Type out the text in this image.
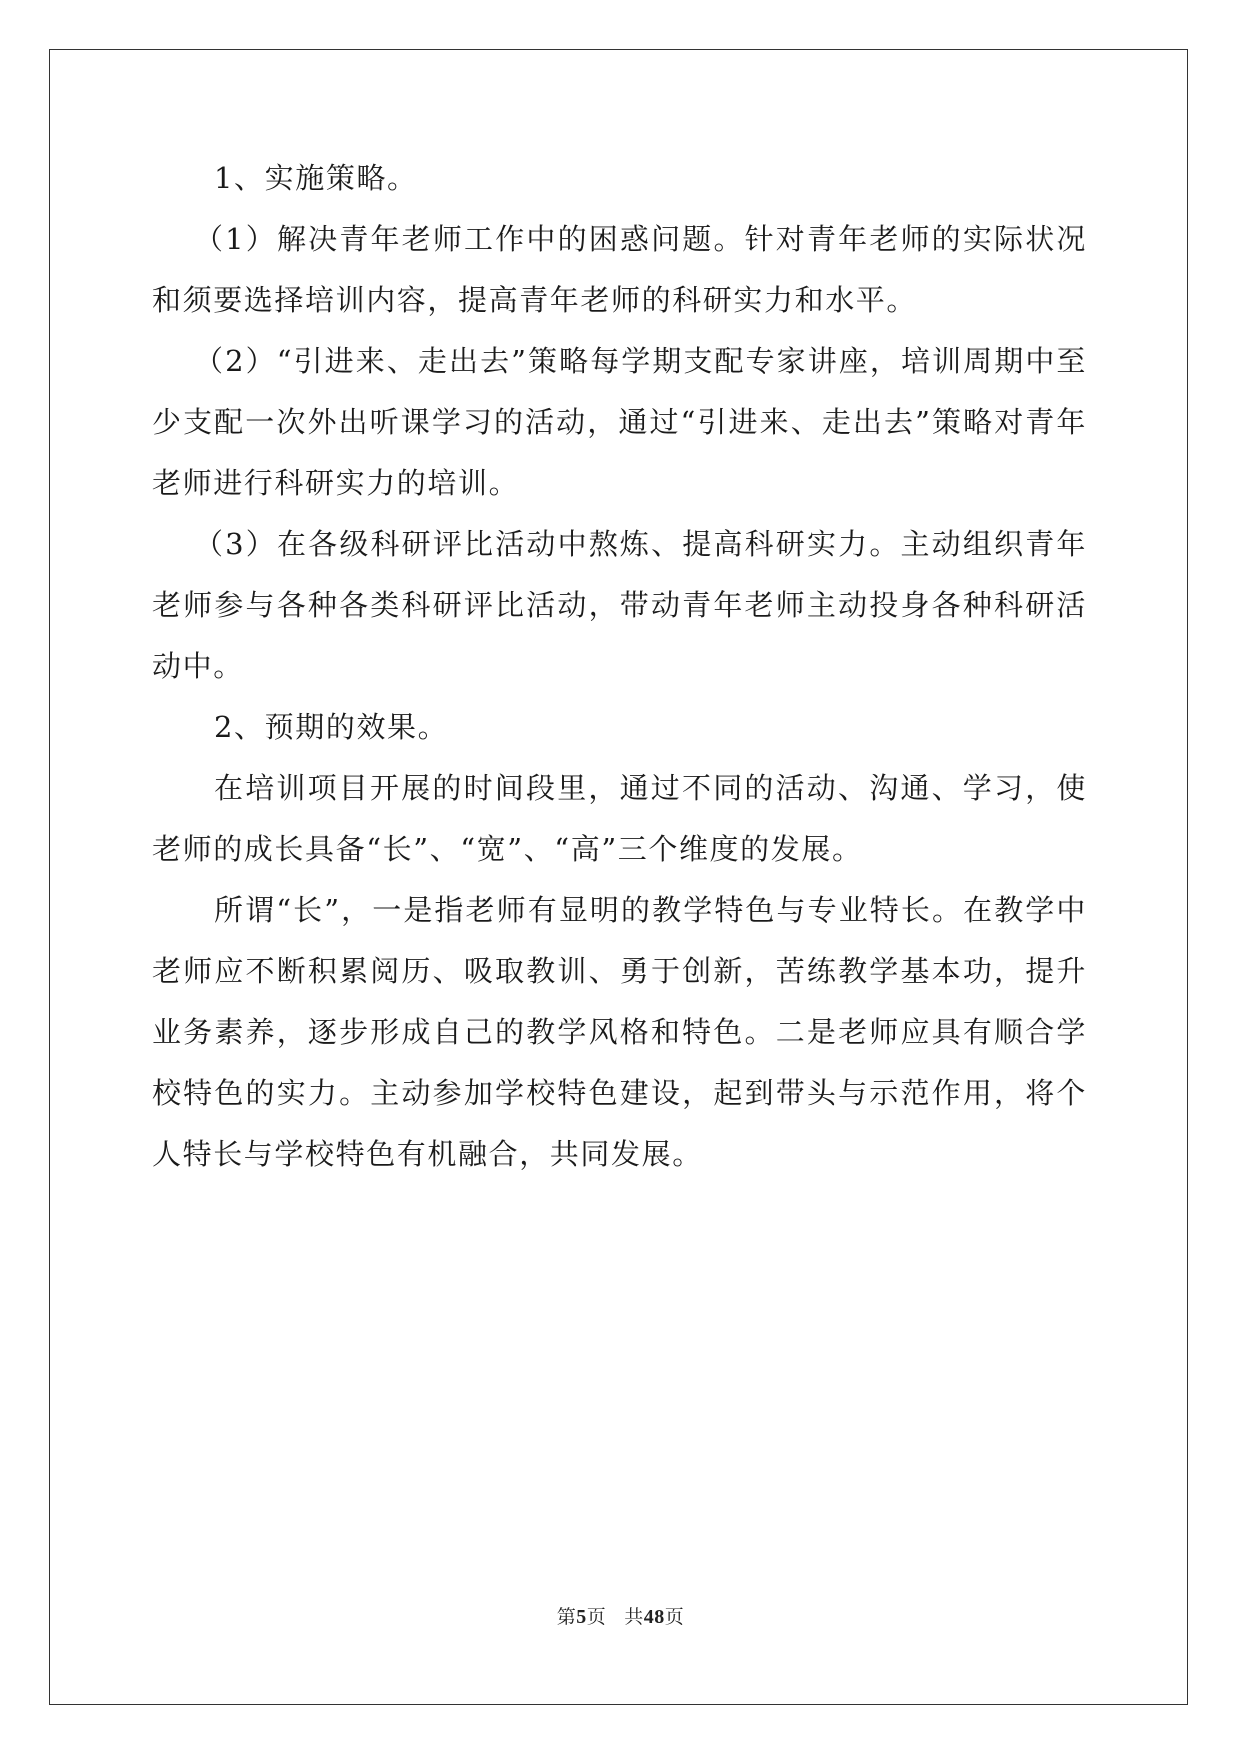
1、实施策略。

（1）解决青年老师工作中的困惑问题。针对青年老师的实际状况和须要选择培训内容，提高青年老师的科研实力和水平。

（2）“引进来、走出去”策略每学期支配专家讲座，培训周期中至少支配一次外出听课学习的活动，通过“引进来、走出去”策略对青年老师进行科研实力的培训。

（3）在各级科研评比活动中熬炼、提高科研实力。主动组织青年老师参与各种各类科研评比活动，带动青年老师主动投身各种科研活动中。

2、预期的效果。

在培训项目开展的时间段里，通过不同的活动、沟通、学习，使老师的成长具备“长”、“宽”、“高”三个维度的发展。

所谓“长”，一是指老师有显明的教学特色与专业特长。在教学中老师应不断积累阅历、吸取教训、勇于创新，苦练教学基本功，提升业务素养，逐步形成自己的教学风格和特色。二是老师应具有顺合学校特色的实力。主动参加学校特色建设，起到带头与示范作用，将个人特长与学校特色有机融合，共同发展。

第5页 共48页
